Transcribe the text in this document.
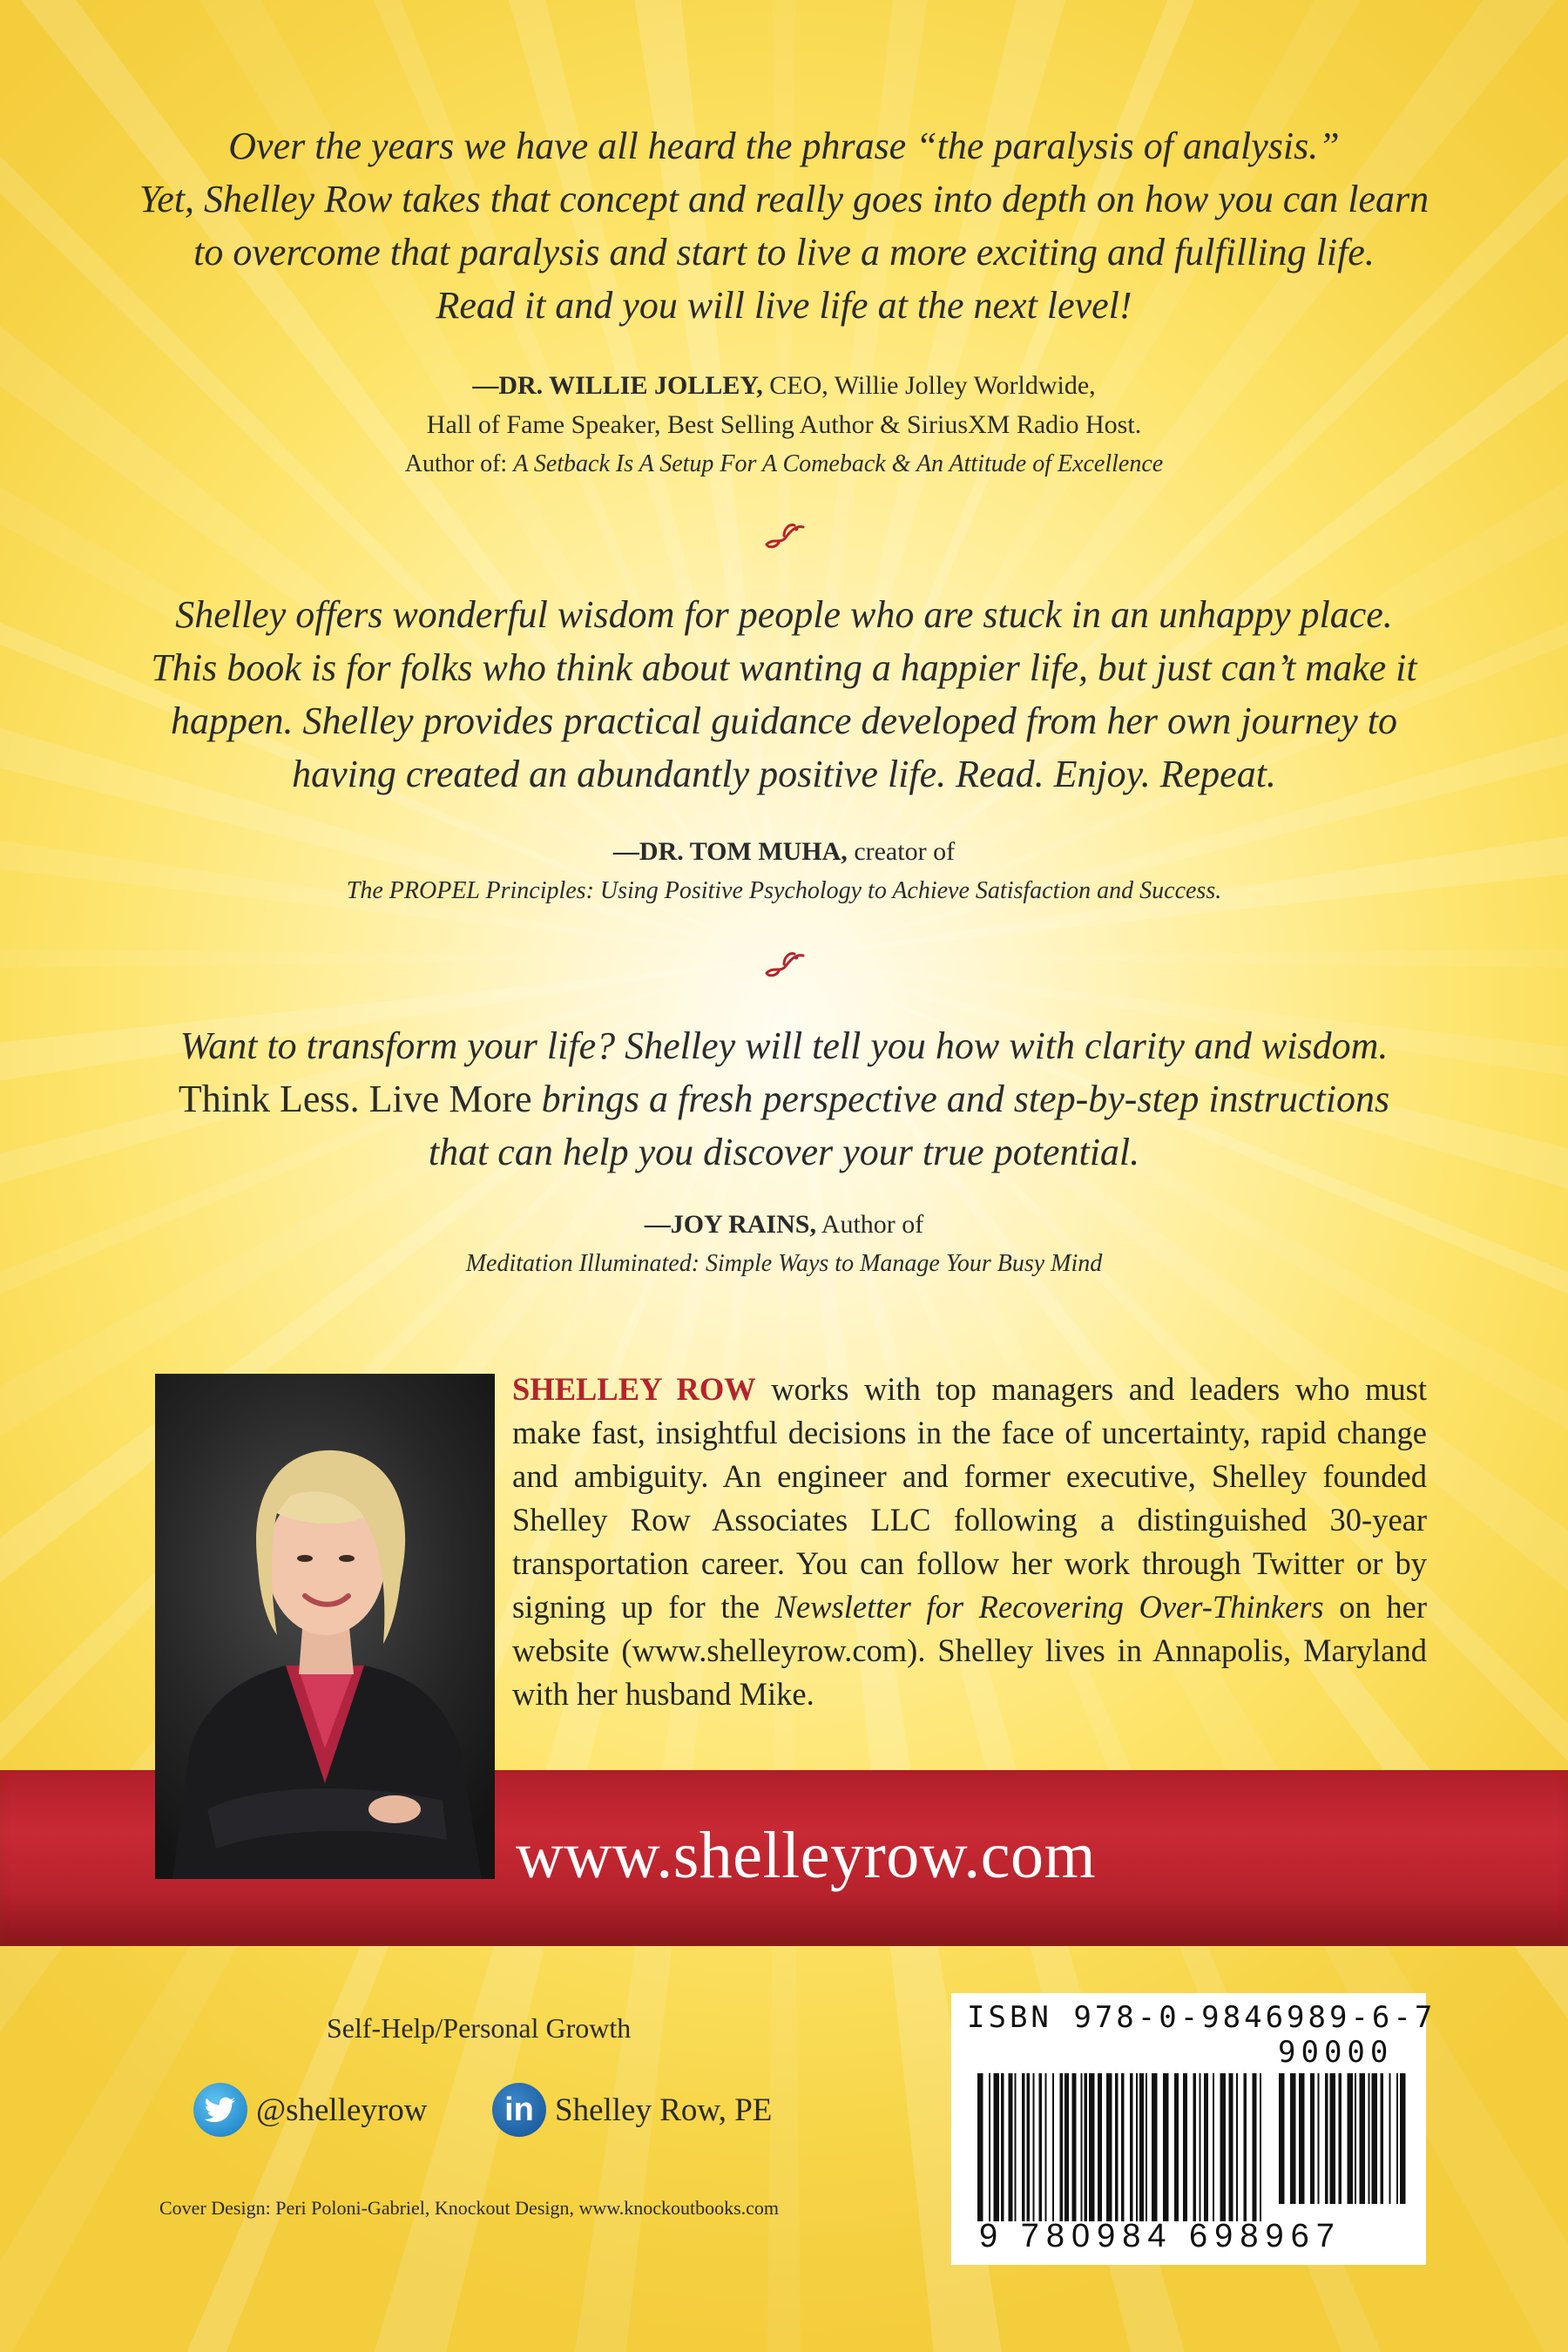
Over the years we have all heard the phrase “the paralysis of analysis.”
Yet, Shelley Row takes that concept and really goes into depth on how you can learn
to overcome that paralysis and start to live a more exciting and fulfilling life.
Read it and you will live life at the next level!
—DR. WILLIE JOLLEY, CEO, Willie Jolley Worldwide,
Hall of Fame Speaker, Best Selling Author & SiriusXM Radio Host.
Author of: A Setback Is A Setup For A Comeback & An Attitude of Excellence
Shelley offers wonderful wisdom for people who are stuck in an unhappy place.
This book is for folks who think about wanting a happier life, but just can’t make it
happen. Shelley provides practical guidance developed from her own journey to
having created an abundantly positive life. Read. Enjoy. Repeat.
—DR. TOM MUHA, creator of
The PROPEL Principles: Using Positive Psychology to Achieve Satisfaction and Success.
Want to transform your life? Shelley will tell you how with clarity and wisdom.
Think Less. Live More brings a fresh perspective and step-by-step instructions
that can help you discover your true potential.
—JOY RAINS, Author of
Meditation Illuminated: Simple Ways to Manage Your Busy Mind
SHELLEY ROW works with top managers and leaders who must make fast, insightful decisions in the face of uncertainty, rapid change and ambiguity. An engineer and former executive, Shelley founded Shelley Row Associates LLC following a distinguished 30-year transportation career. You can follow her work through Twitter or by signing up for the Newsletter for Recovering Over-Thinkers on her website (www.shelleyrow.com). Shelley lives in Annapolis, Maryland with her husband Mike.
www.shelleyrow.com
Self-Help/Personal Growth
@shelleyrow	in Shelley Row, PE
Cover Design: Peri Poloni-Gabriel, Knockout Design, www.knockoutbooks.com
ISBN 978-0-9846989-6-7
90000
9 780984 698967
